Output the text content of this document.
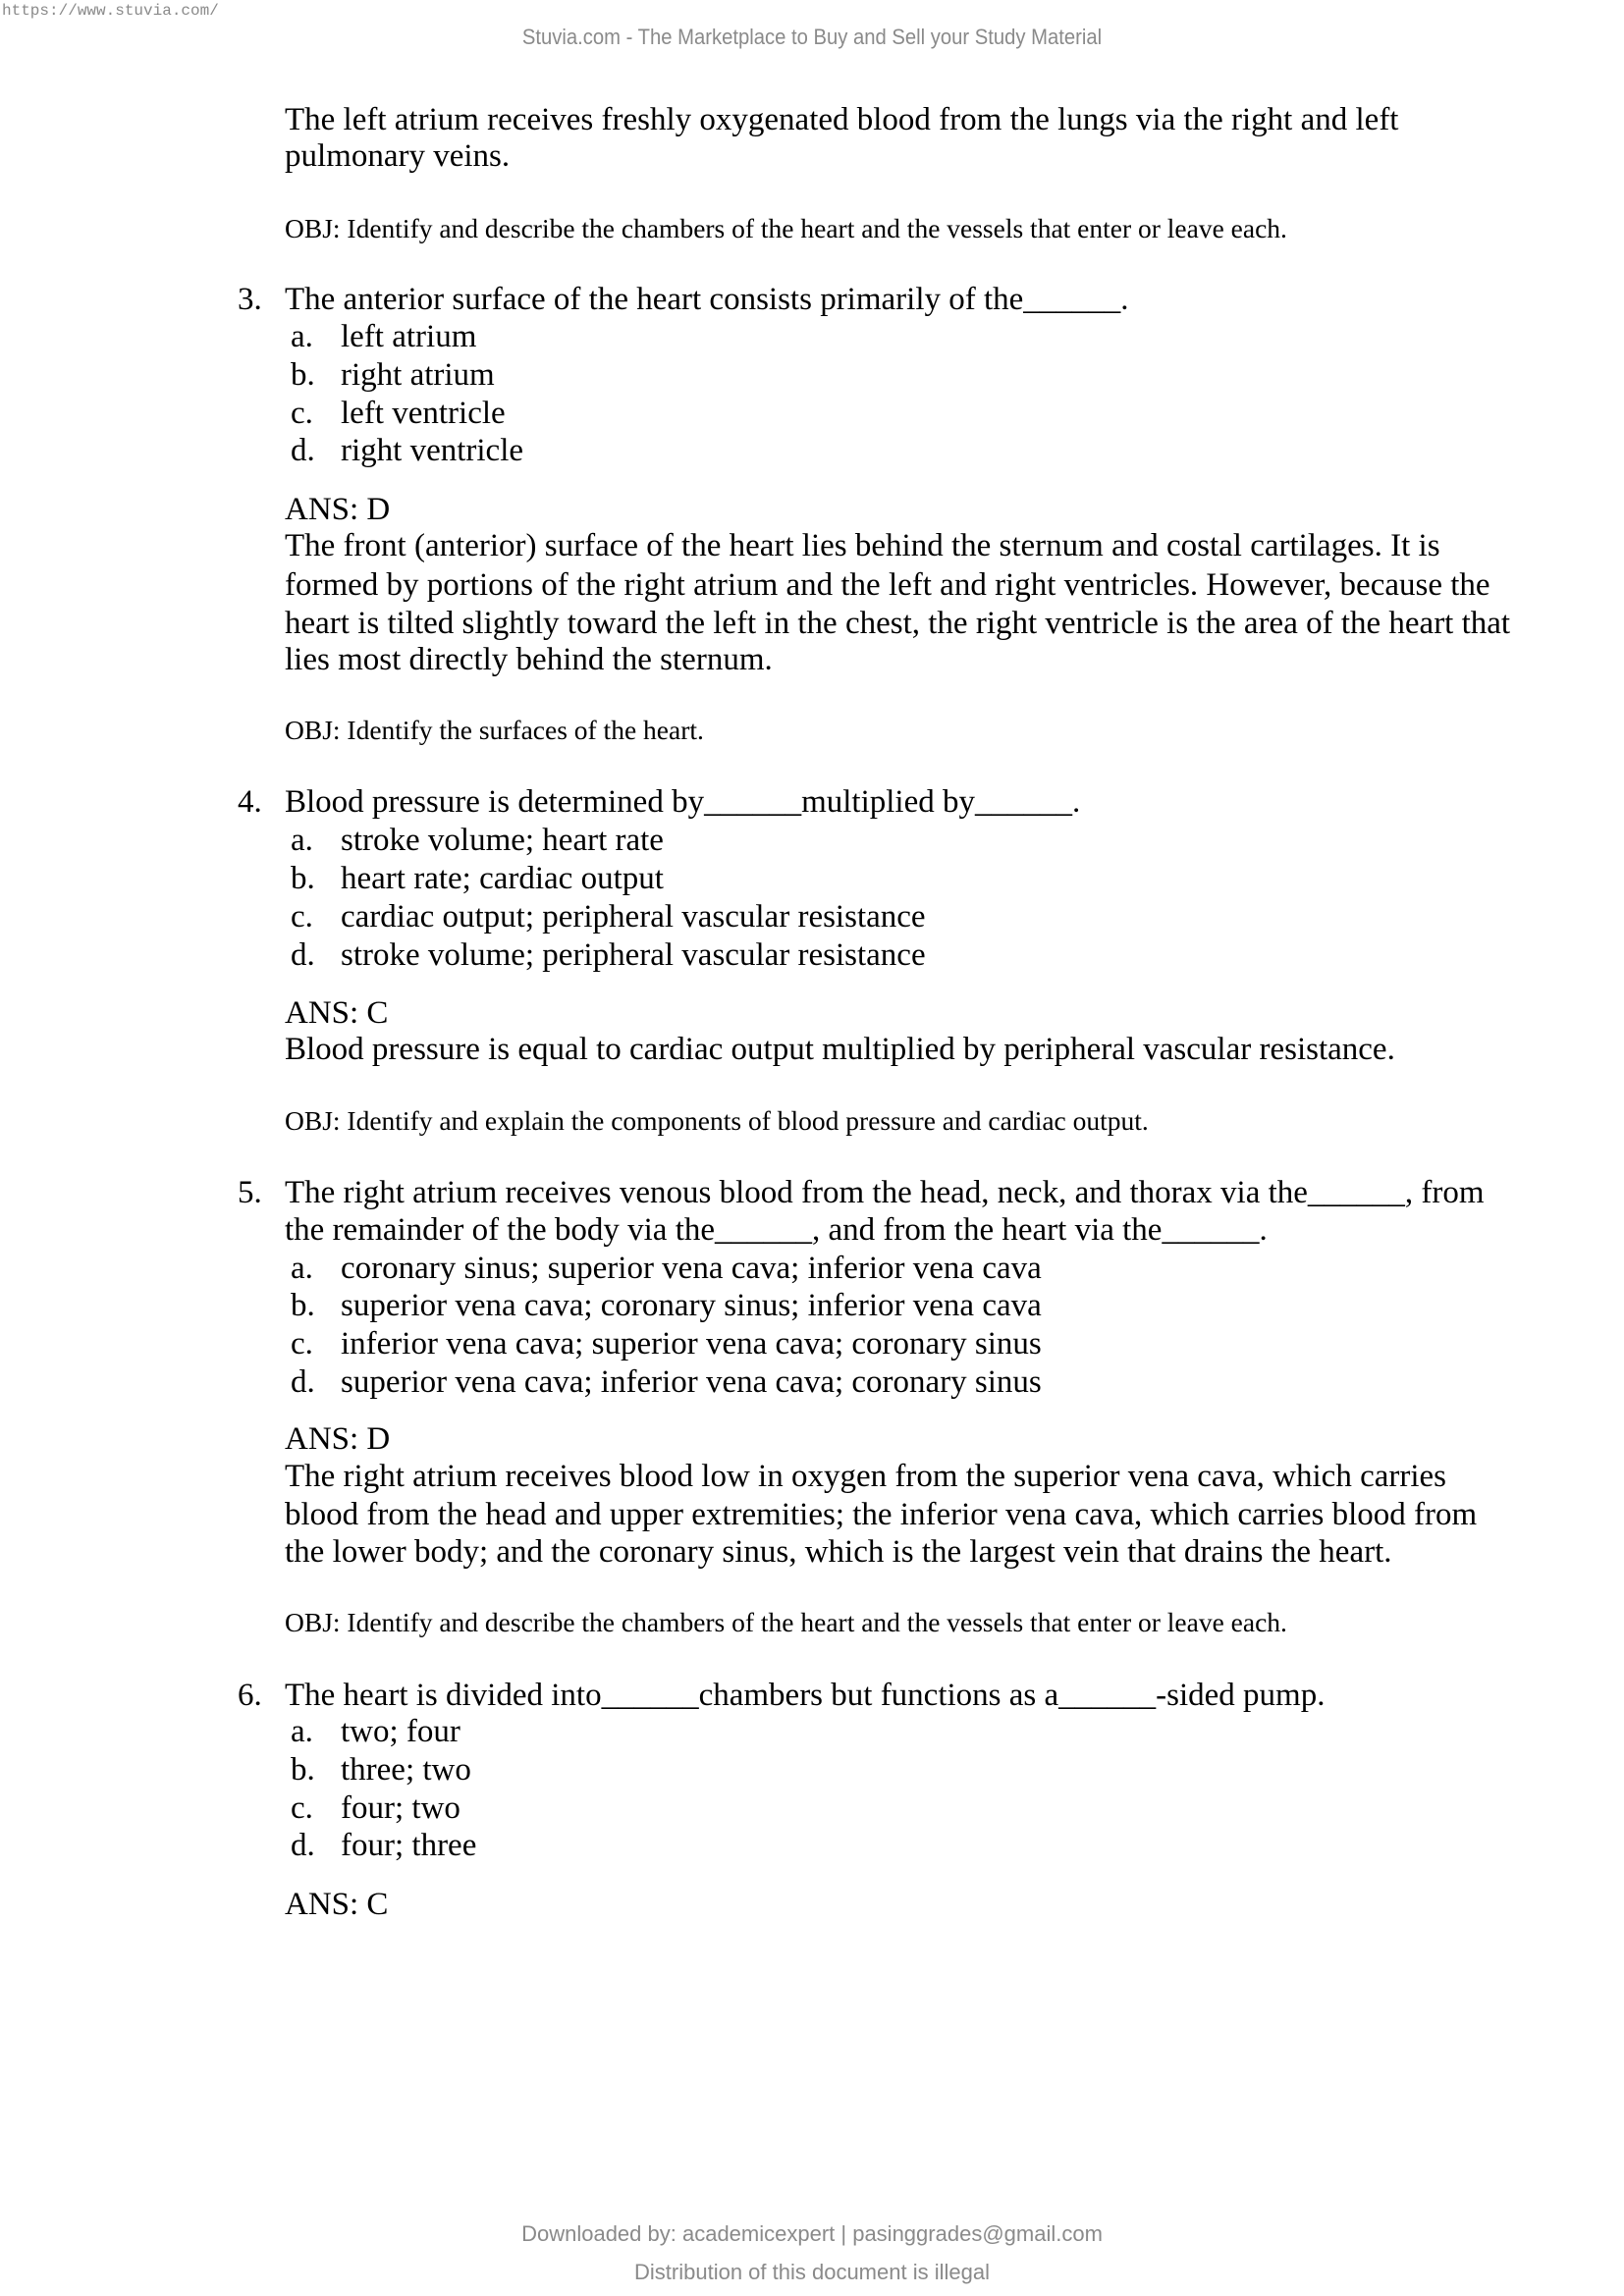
https://www.stuvia.com/
Stuvia.com - The Marketplace to Buy and Sell your Study Material
The left atrium receives freshly oxygenated blood from the lungs via the right and left
pulmonary veins.
OBJ: Identify and describe the chambers of the heart and the vessels that enter or leave each.
3. The anterior surface of the heart consists primarily of the______.
a. left atrium
b. right atrium
c. left ventricle
d. right ventricle
ANS: D
The front (anterior) surface of the heart lies behind the sternum and costal cartilages. It is
formed by portions of the right atrium and the left and right ventricles. However, because the
heart is tilted slightly toward the left in the chest, the right ventricle is the area of the heart that
lies most directly behind the sternum.
OBJ: Identify the surfaces of the heart.
4. Blood pressure is determined by______multiplied by______.
a. stroke volume; heart rate
b. heart rate; cardiac output
c. cardiac output; peripheral vascular resistance
d. stroke volume; peripheral vascular resistance
ANS: C
Blood pressure is equal to cardiac output multiplied by peripheral vascular resistance.
OBJ: Identify and explain the components of blood pressure and cardiac output.
5. The right atrium receives venous blood from the head, neck, and thorax via the______, from
the remainder of the body via the______, and from the heart via the______.
a. coronary sinus; superior vena cava; inferior vena cava
b. superior vena cava; coronary sinus; inferior vena cava
c. inferior vena cava; superior vena cava; coronary sinus
d. superior vena cava; inferior vena cava; coronary sinus
ANS: D
The right atrium receives blood low in oxygen from the superior vena cava, which carries
blood from the head and upper extremities; the inferior vena cava, which carries blood from
the lower body; and the coronary sinus, which is the largest vein that drains the heart.
OBJ: Identify and describe the chambers of the heart and the vessels that enter or leave each.
6. The heart is divided into______chambers but functions as a______-sided pump.
a. two; four
b. three; two
c. four; two
d. four; three
ANS: C
Downloaded by: academicexpert | pasinggrades@gmail.com
Distribution of this document is illegal
